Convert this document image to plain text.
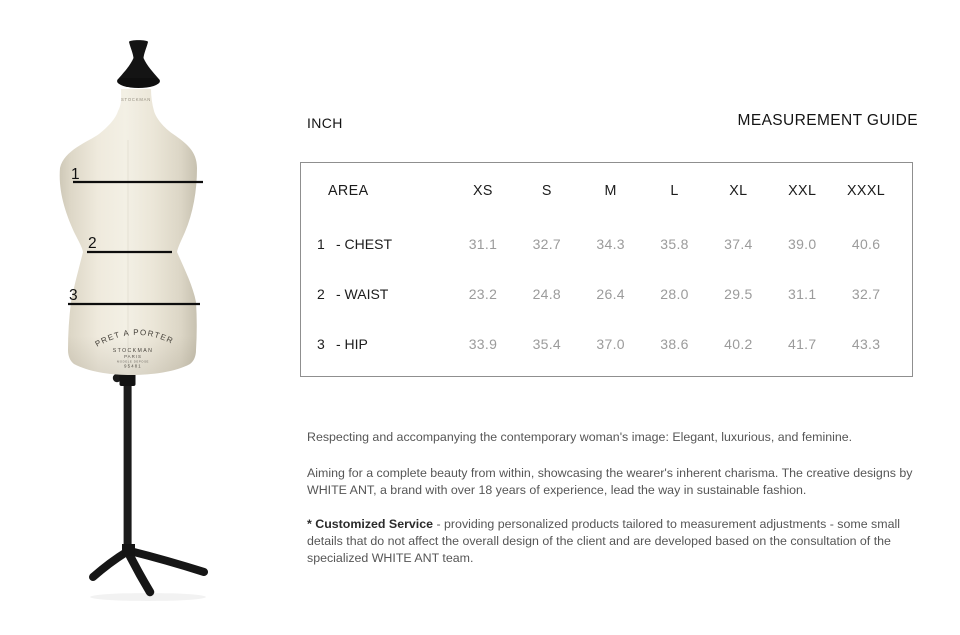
STOCKMAN
PRET A PORTER
STOCKMAN
PARIS
MODELE DEPOSE
95481
1
2
3
INCH	MEASUREMENT GUIDE
AREA	XS	S	M	L	XL	XXL	XXXL
1 - CHEST	31.1	32.7	34.3	35.8	37.4	39.0	40.6
2 - WAIST	23.2	24.8	26.4	28.0	29.5	31.1	32.7
3 - HIP	33.9	35.4	37.0	38.6	40.2	41.7	43.3

Respecting and accompanying the contemporary woman's image: Elegant, luxurious, and feminine.

Aiming for a complete beauty from within, showcasing the wearer's inherent charisma. The creative designs by
WHITE ANT, a brand with over 18 years of experience, lead the way in sustainable fashion.

* Customized Service - providing personalized products tailored to measurement adjustments - some small
details that do not affect the overall design of the client and are developed based on the consultation of the
specialized WHITE ANT team.
